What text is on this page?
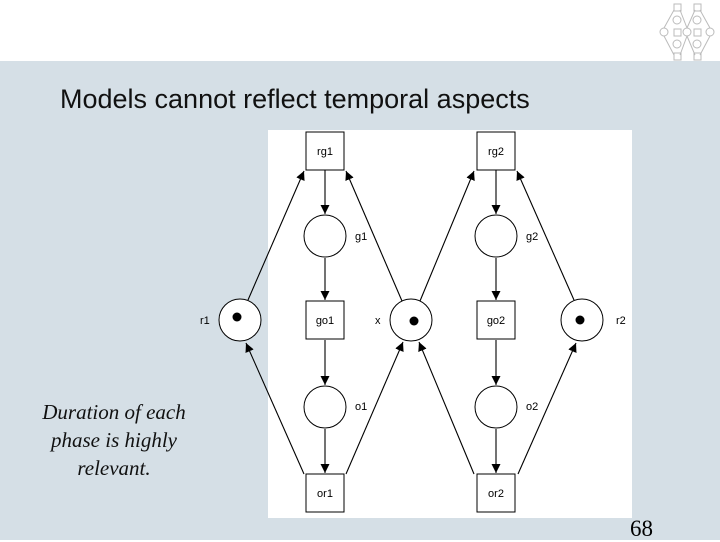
Models cannot reflect temporal aspects
rg1	rg2
go1	go2
or1	or2
g1	g2
r1	x	r2
o1	o2
Duration of each
phase is highly
relevant.
68
